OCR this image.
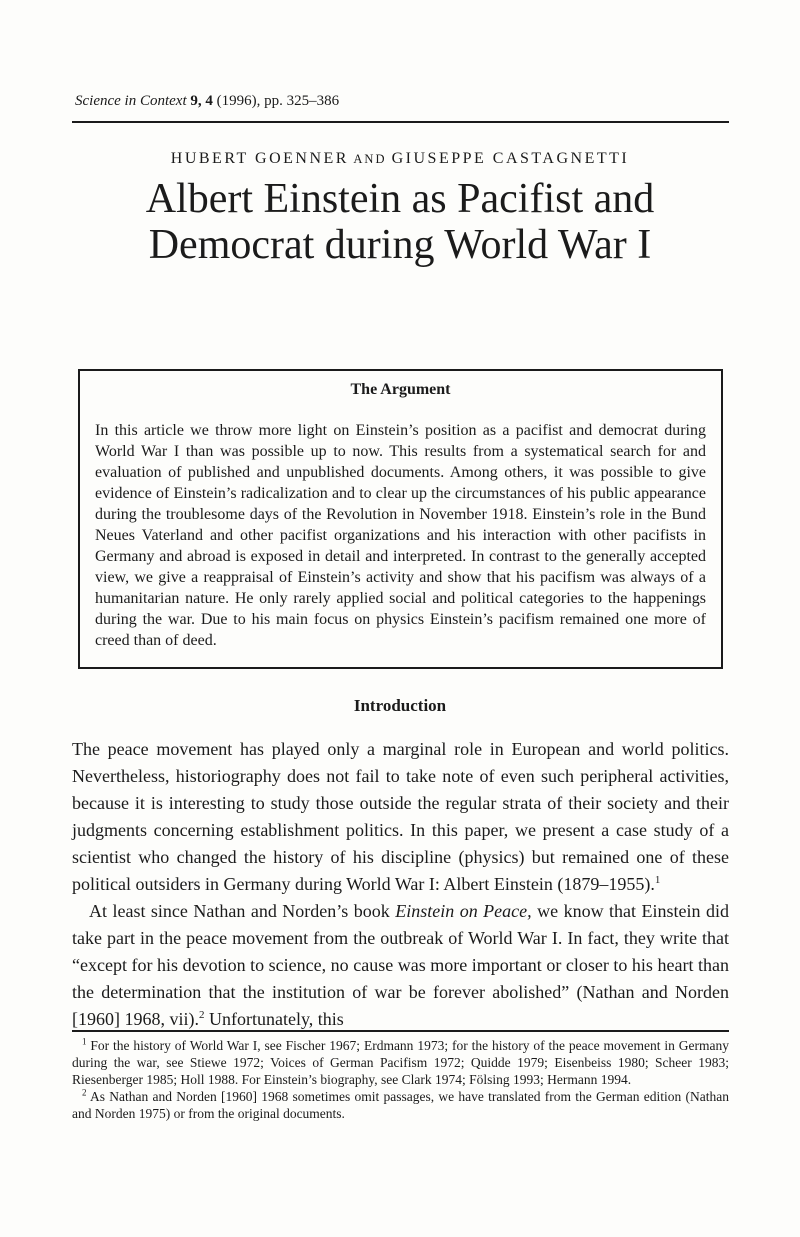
Science in Context 9, 4 (1996), pp. 325–386
HUBERT GOENNER AND GIUSEPPE CASTAGNETTI
Albert Einstein as Pacifist and
Democrat during World War I
The Argument

In this article we throw more light on Einstein’s position as a pacifist and democrat during World War I than was possible up to now. This results from a systematical search for and evaluation of published and unpublished documents. Among others, it was possible to give evidence of Einstein’s radicalization and to clear up the circumstances of his public appearance during the troublesome days of the Revolution in November 1918. Einstein’s role in the Bund Neues Vaterland and other pacifist organizations and his interaction with other pacifists in Germany and abroad is exposed in detail and interpreted. In contrast to the generally accepted view, we give a reappraisal of Einstein’s activity and show that his pacifism was always of a humanitarian nature. He only rarely applied social and political categories to the happenings during the war. Due to his main focus on physics Einstein’s pacifism remained one more of creed than of deed.

Introduction

The peace movement has played only a marginal role in European and world politics. Nevertheless, historiography does not fail to take note of even such peripheral activities, because it is interesting to study those outside the regular strata of their society and their judgments concerning establishment politics. In this paper, we present a case study of a scientist who changed the history of his discipline (physics) but remained one of these political outsiders in Germany during World War I: Albert Einstein (1879–1955).$^1$

At least since Nathan and Norden’s book Einstein on Peace, we know that Einstein did take part in the peace movement from the outbreak of World War I. In fact, they write that “except for his devotion to science, no cause was more important or closer to his heart than the determination that the institution of war be forever abolished” (Nathan and Norden [1960] 1968, vii).$^2$ Unfortunately, this

$^1$ For the history of World War I, see Fischer 1967; Erdmann 1973; for the history of the peace movement in Germany during the war, see Stiewe 1972; Voices of German Pacifism 1972; Quidde 1979; Eisenbeiss 1980; Scheer 1983; Riesenberger 1985; Holl 1988. For Einstein’s biography, see Clark 1974; Fölsing 1993; Hermann 1994.

$^2$ As Nathan and Norden [1960] 1968 sometimes omit passages, we have translated from the German edition (Nathan and Norden 1975) or from the original documents.
